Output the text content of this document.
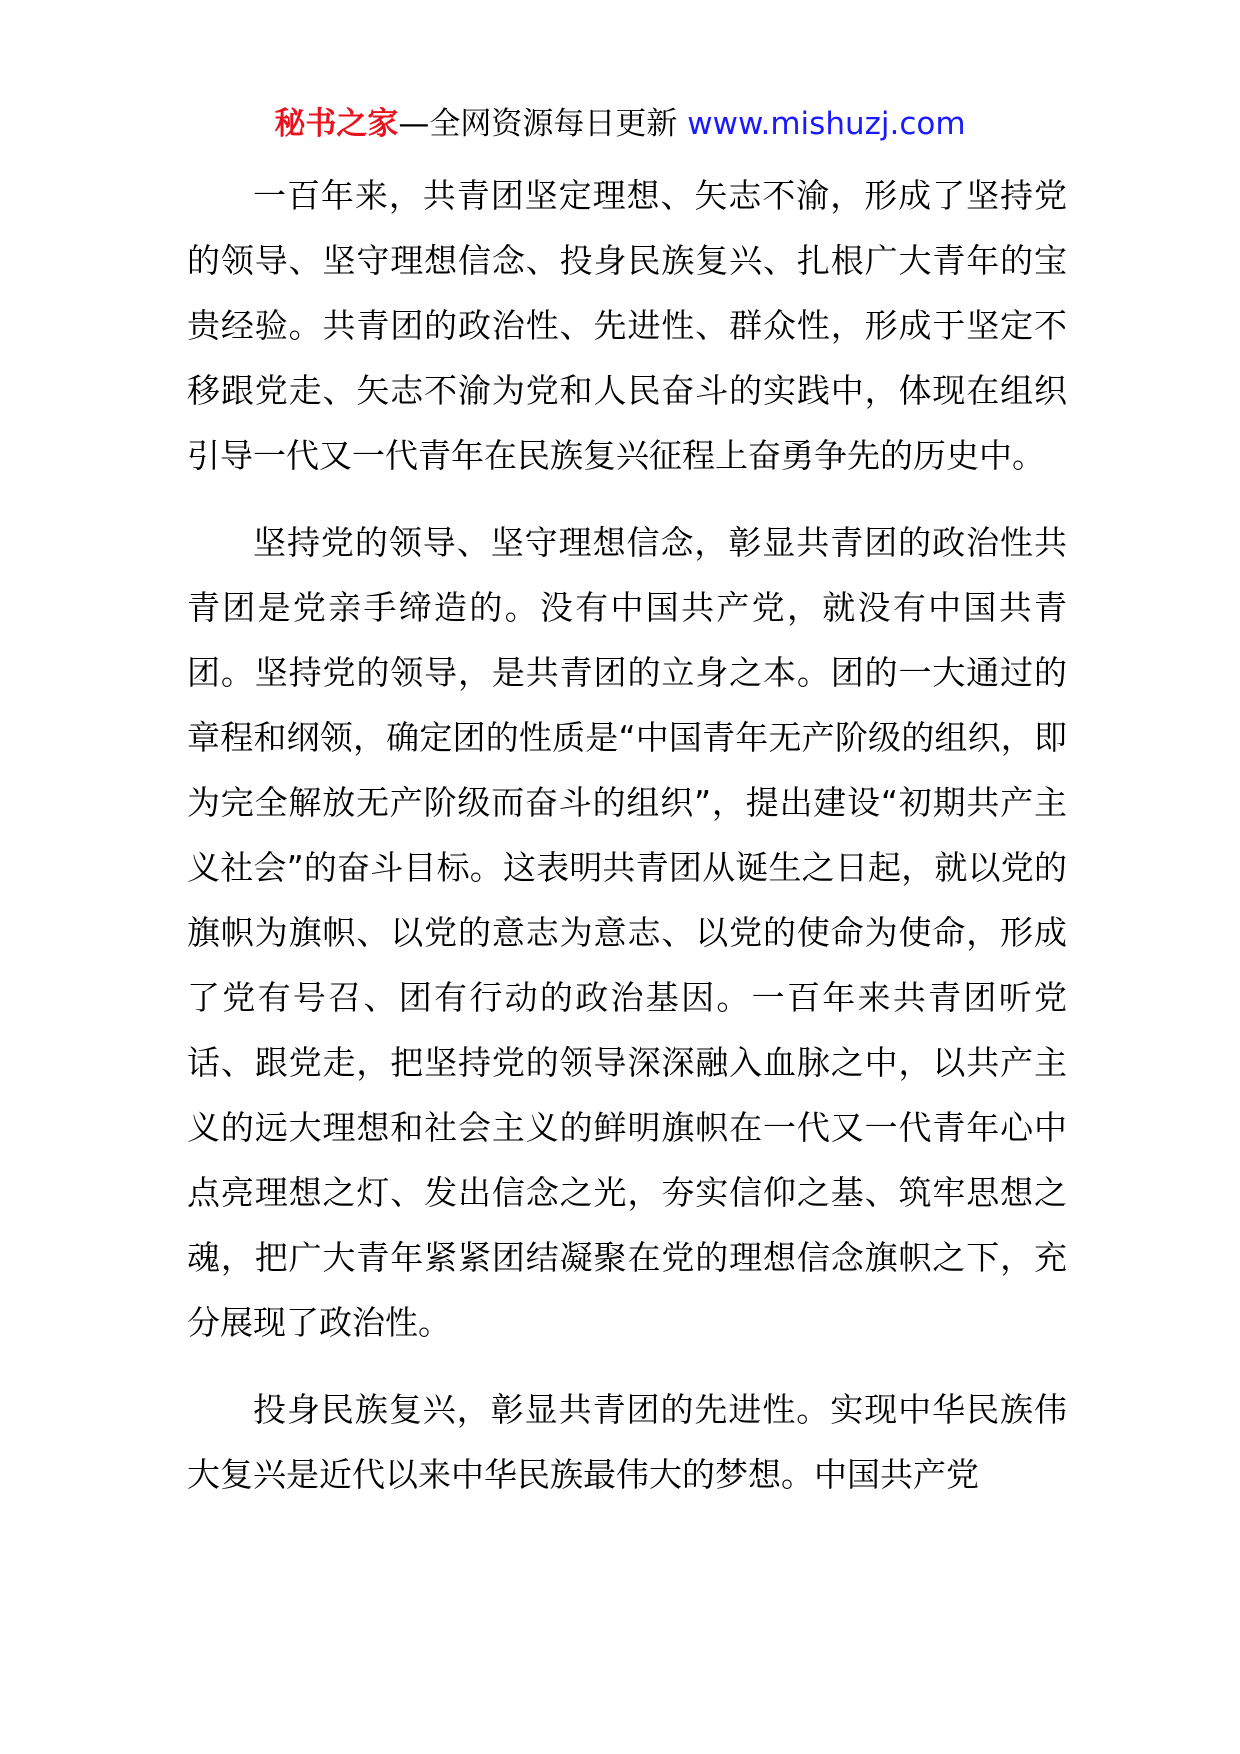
秘书之家—全网资源每日更新 www.mishuzj.com

一百年来，共青团坚定理想、矢志不渝，形成了坚持党的领导、坚守理想信念、投身民族复兴、扎根广大青年的宝贵经验。共青团的政治性、先进性、群众性，形成于坚定不移跟党走、矢志不渝为党和人民奋斗的实践中，体现在组织引导一代又一代青年在民族复兴征程上奋勇争先的历史中。

坚持党的领导、坚守理想信念，彰显共青团的政治性共青团是党亲手缔造的。没有中国共产党，就没有中国共青团。坚持党的领导，是共青团的立身之本。团的一大通过的章程和纲领，确定团的性质是“中国青年无产阶级的组织，即为完全解放无产阶级而奋斗的组织”，提出建设“初期共产主义社会”的奋斗目标。这表明共青团从诞生之日起，就以党的旗帜为旗帜、以党的意志为意志、以党的使命为使命，形成了党有号召、团有行动的政治基因。一百年来共青团听党话、跟党走，把坚持党的领导深深融入血脉之中，以共产主义的远大理想和社会主义的鲜明旗帜在一代又一代青年心中点亮理想之灯、发出信念之光，夯实信仰之基、筑牢思想之魂，把广大青年紧紧团结凝聚在党的理想信念旗帜之下，充分展现了政治性。

投身民族复兴，彰显共青团的先进性。实现中华民族伟大复兴是近代以来中华民族最伟大的梦想。中国共产党
